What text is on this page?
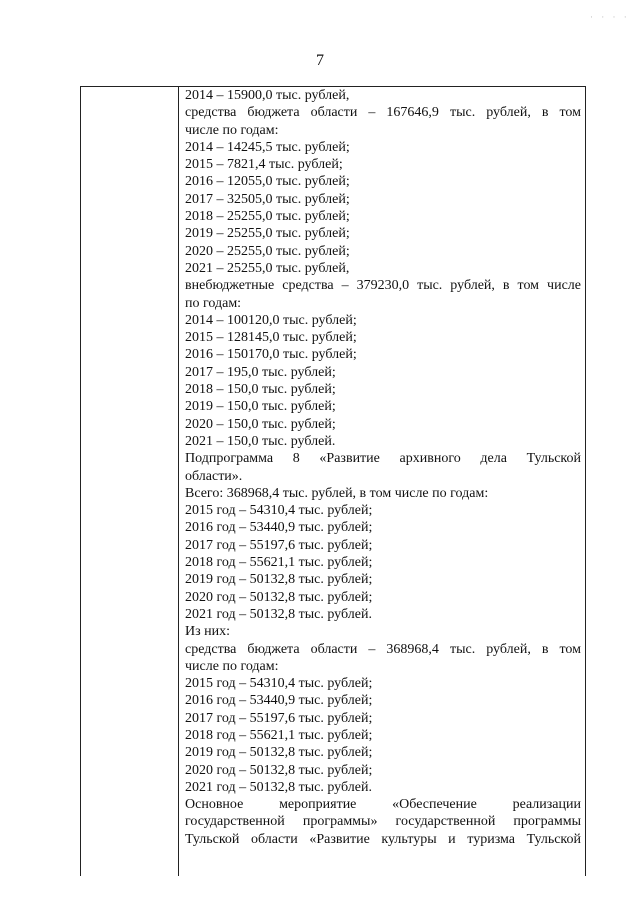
· · · ·
7
2014 – 15900,0 тыс. рублей,
средства бюджета области – 167646,9 тыс. рублей, в том
числе по годам:
2014 – 14245,5 тыс. рублей;
2015 – 7821,4 тыс. рублей;
2016 – 12055,0 тыс. рублей;
2017 – 32505,0 тыс. рублей;
2018 – 25255,0 тыс. рублей;
2019 – 25255,0 тыс. рублей;
2020 – 25255,0 тыс. рублей;
2021 – 25255,0 тыс. рублей,
внебюджетные средства – 379230,0 тыс. рублей, в том числе
по годам:
2014 – 100120,0 тыс. рублей;
2015 – 128145,0 тыс. рублей;
2016 – 150170,0 тыс. рублей;
2017 – 195,0 тыс. рублей;
2018 – 150,0 тыс. рублей;
2019 – 150,0 тыс. рублей;
2020 – 150,0 тыс. рублей;
2021 – 150,0 тыс. рублей.
Подпрограмма 8 «Развитие архивного дела Тульской
области».
Всего: 368968,4 тыс. рублей, в том числе по годам:
2015 год – 54310,4 тыс. рублей;
2016 год – 53440,9 тыс. рублей;
2017 год – 55197,6 тыс. рублей;
2018 год – 55621,1 тыс. рублей;
2019 год – 50132,8 тыс. рублей;
2020 год – 50132,8 тыс. рублей;
2021 год – 50132,8 тыс. рублей.
Из них:
средства бюджета области – 368968,4 тыс. рублей, в том
числе по годам:
2015 год – 54310,4 тыс. рублей;
2016 год – 53440,9 тыс. рублей;
2017 год – 55197,6 тыс. рублей;
2018 год – 55621,1 тыс. рублей;
2019 год – 50132,8 тыс. рублей;
2020 год – 50132,8 тыс. рублей;
2021 год – 50132,8 тыс. рублей.
Основное мероприятие «Обеспечение реализации
государственной программы» государственной программы
Тульской области «Развитие культуры и туризма Тульской
